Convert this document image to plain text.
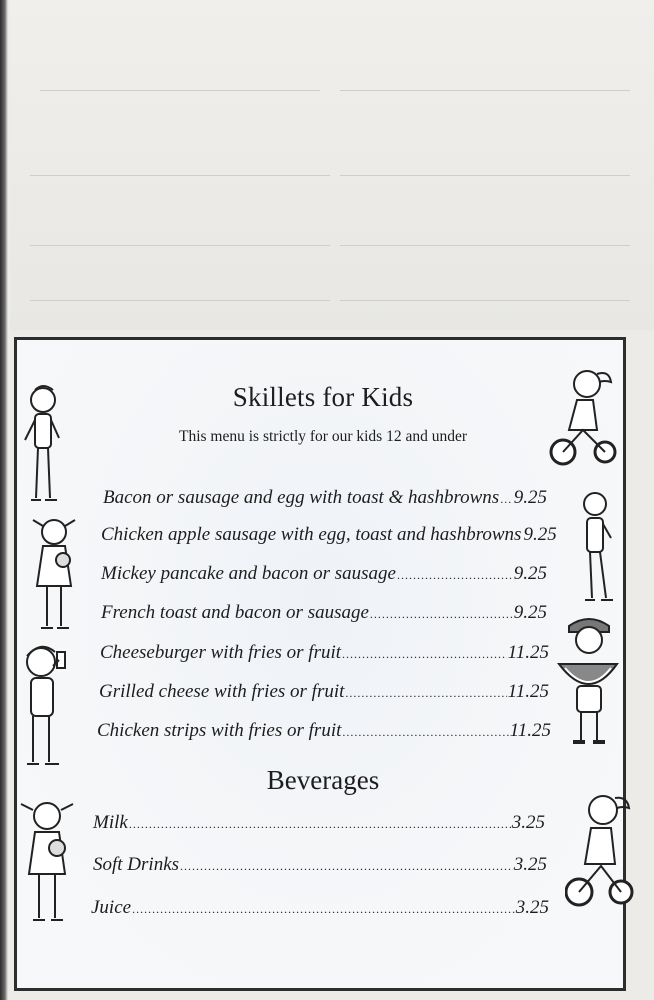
Skillets for Kids
This menu is strictly for our kids 12 and under
Bacon or sausage and egg with toast & hashbrowns ..... 9.25
Chicken apple sausage with egg, toast and hashbrowns 9.25
Mickey pancake and bacon or sausage .....	9.25
French toast and bacon or sausage .....	9.25
Cheeseburger with fries or fruit .....	11.25
Grilled cheese with fries or fruit .....	11.25
Chicken strips with fries or fruit .....	11.25
Beverages
Milk .....	3.25
Soft Drinks .....	3.25
Juice .....	3.25
